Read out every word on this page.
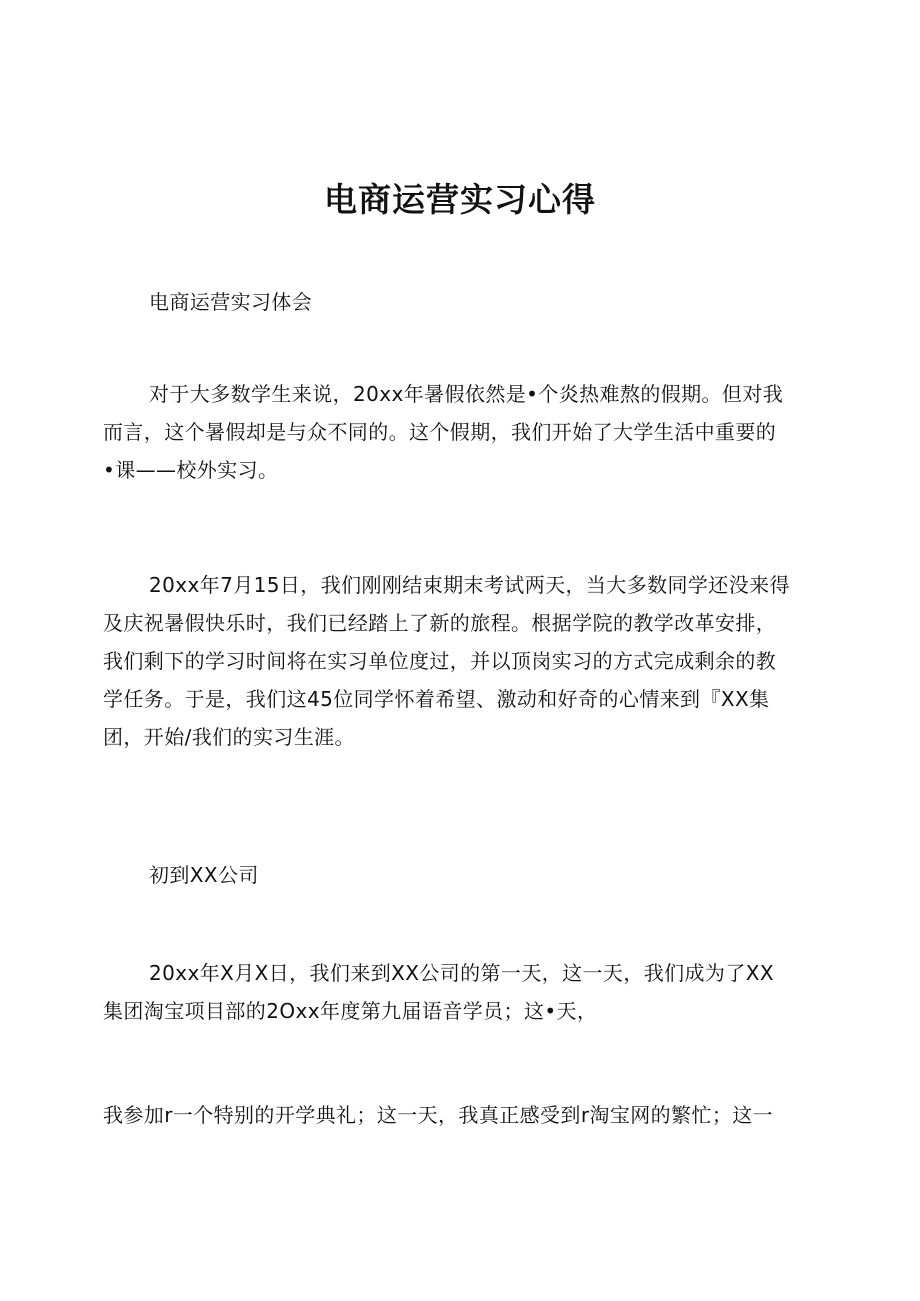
电商运营实习心得
电商运营实习体会
对于大多数学生来说，20xx年暑假依然是•个炎热难熬的假期。但对我
而言，这个暑假却是与众不同的。这个假期，我们开始了大学生活中重要的
•课——校外实习。
20xx年7月15日，我们刚刚结束期末考试两天，当大多数同学还没来得
及庆祝暑假快乐时，我们已经踏上了新的旅程。根据学院的教学改革安排，
我们剩下的学习时间将在实习单位度过，并以顶岗实习的方式完成剩余的教
学任务。于是，我们这45位同学怀着希望、激动和好奇的心情来到『XX集
团，开始/我们的实习生涯。
初到XX公司
20xx年X月X日，我们来到XX公司的第一天，这一天，我们成为了XX
集团淘宝项目部的2Oxx年度第九届语音学员；这•天，
我参加r一个特别的开学典礼；这一天，我真正感受到r淘宝网的繁忙；这一
